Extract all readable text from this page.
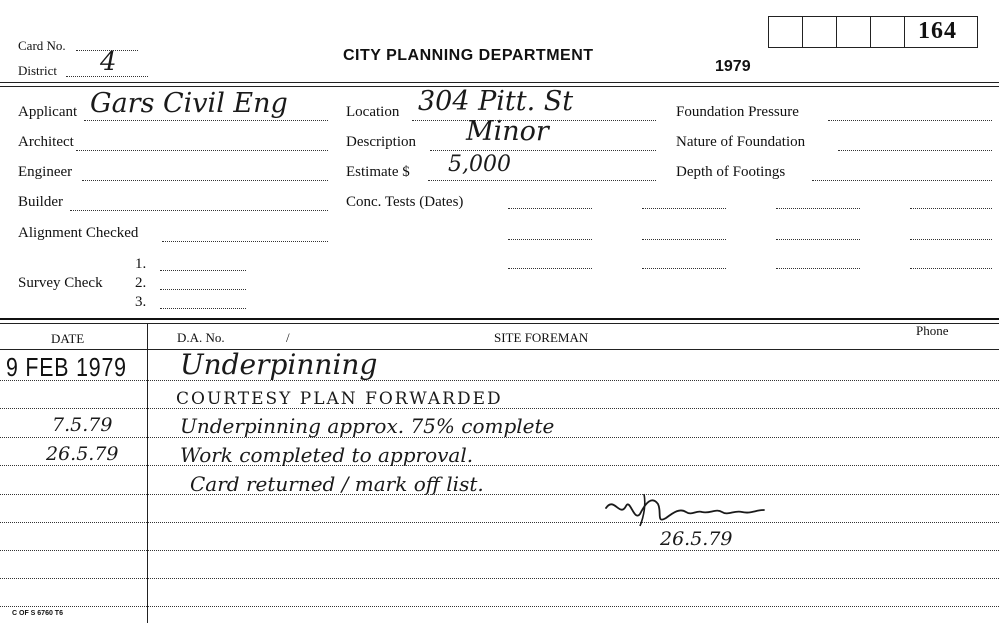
Card No.
District 4	CITY PLANNING DEPARTMENT
1979
164
Applicant Gars Civil Eng
Architect
Engineer
Builder
Alignment Checked
Survey Check
1.
2.
3.
Location 304 Pitt. St
Description Minor
Estimate $ 5,000
Conc. Tests (Dates)
Foundation Pressure
Nature of Foundation
Depth of Footings
DATE	D.A. No.	/	SITE FOREMAN	Phone
9 FEB 1979 Underpinning
COURTESY PLAN FORWARDED
7.5.79	Underpinning approx. 75% complete
26.5.79	Work completed to approval.
Card returned / mark off list.
26.5.79
C OF S 6760 T6
